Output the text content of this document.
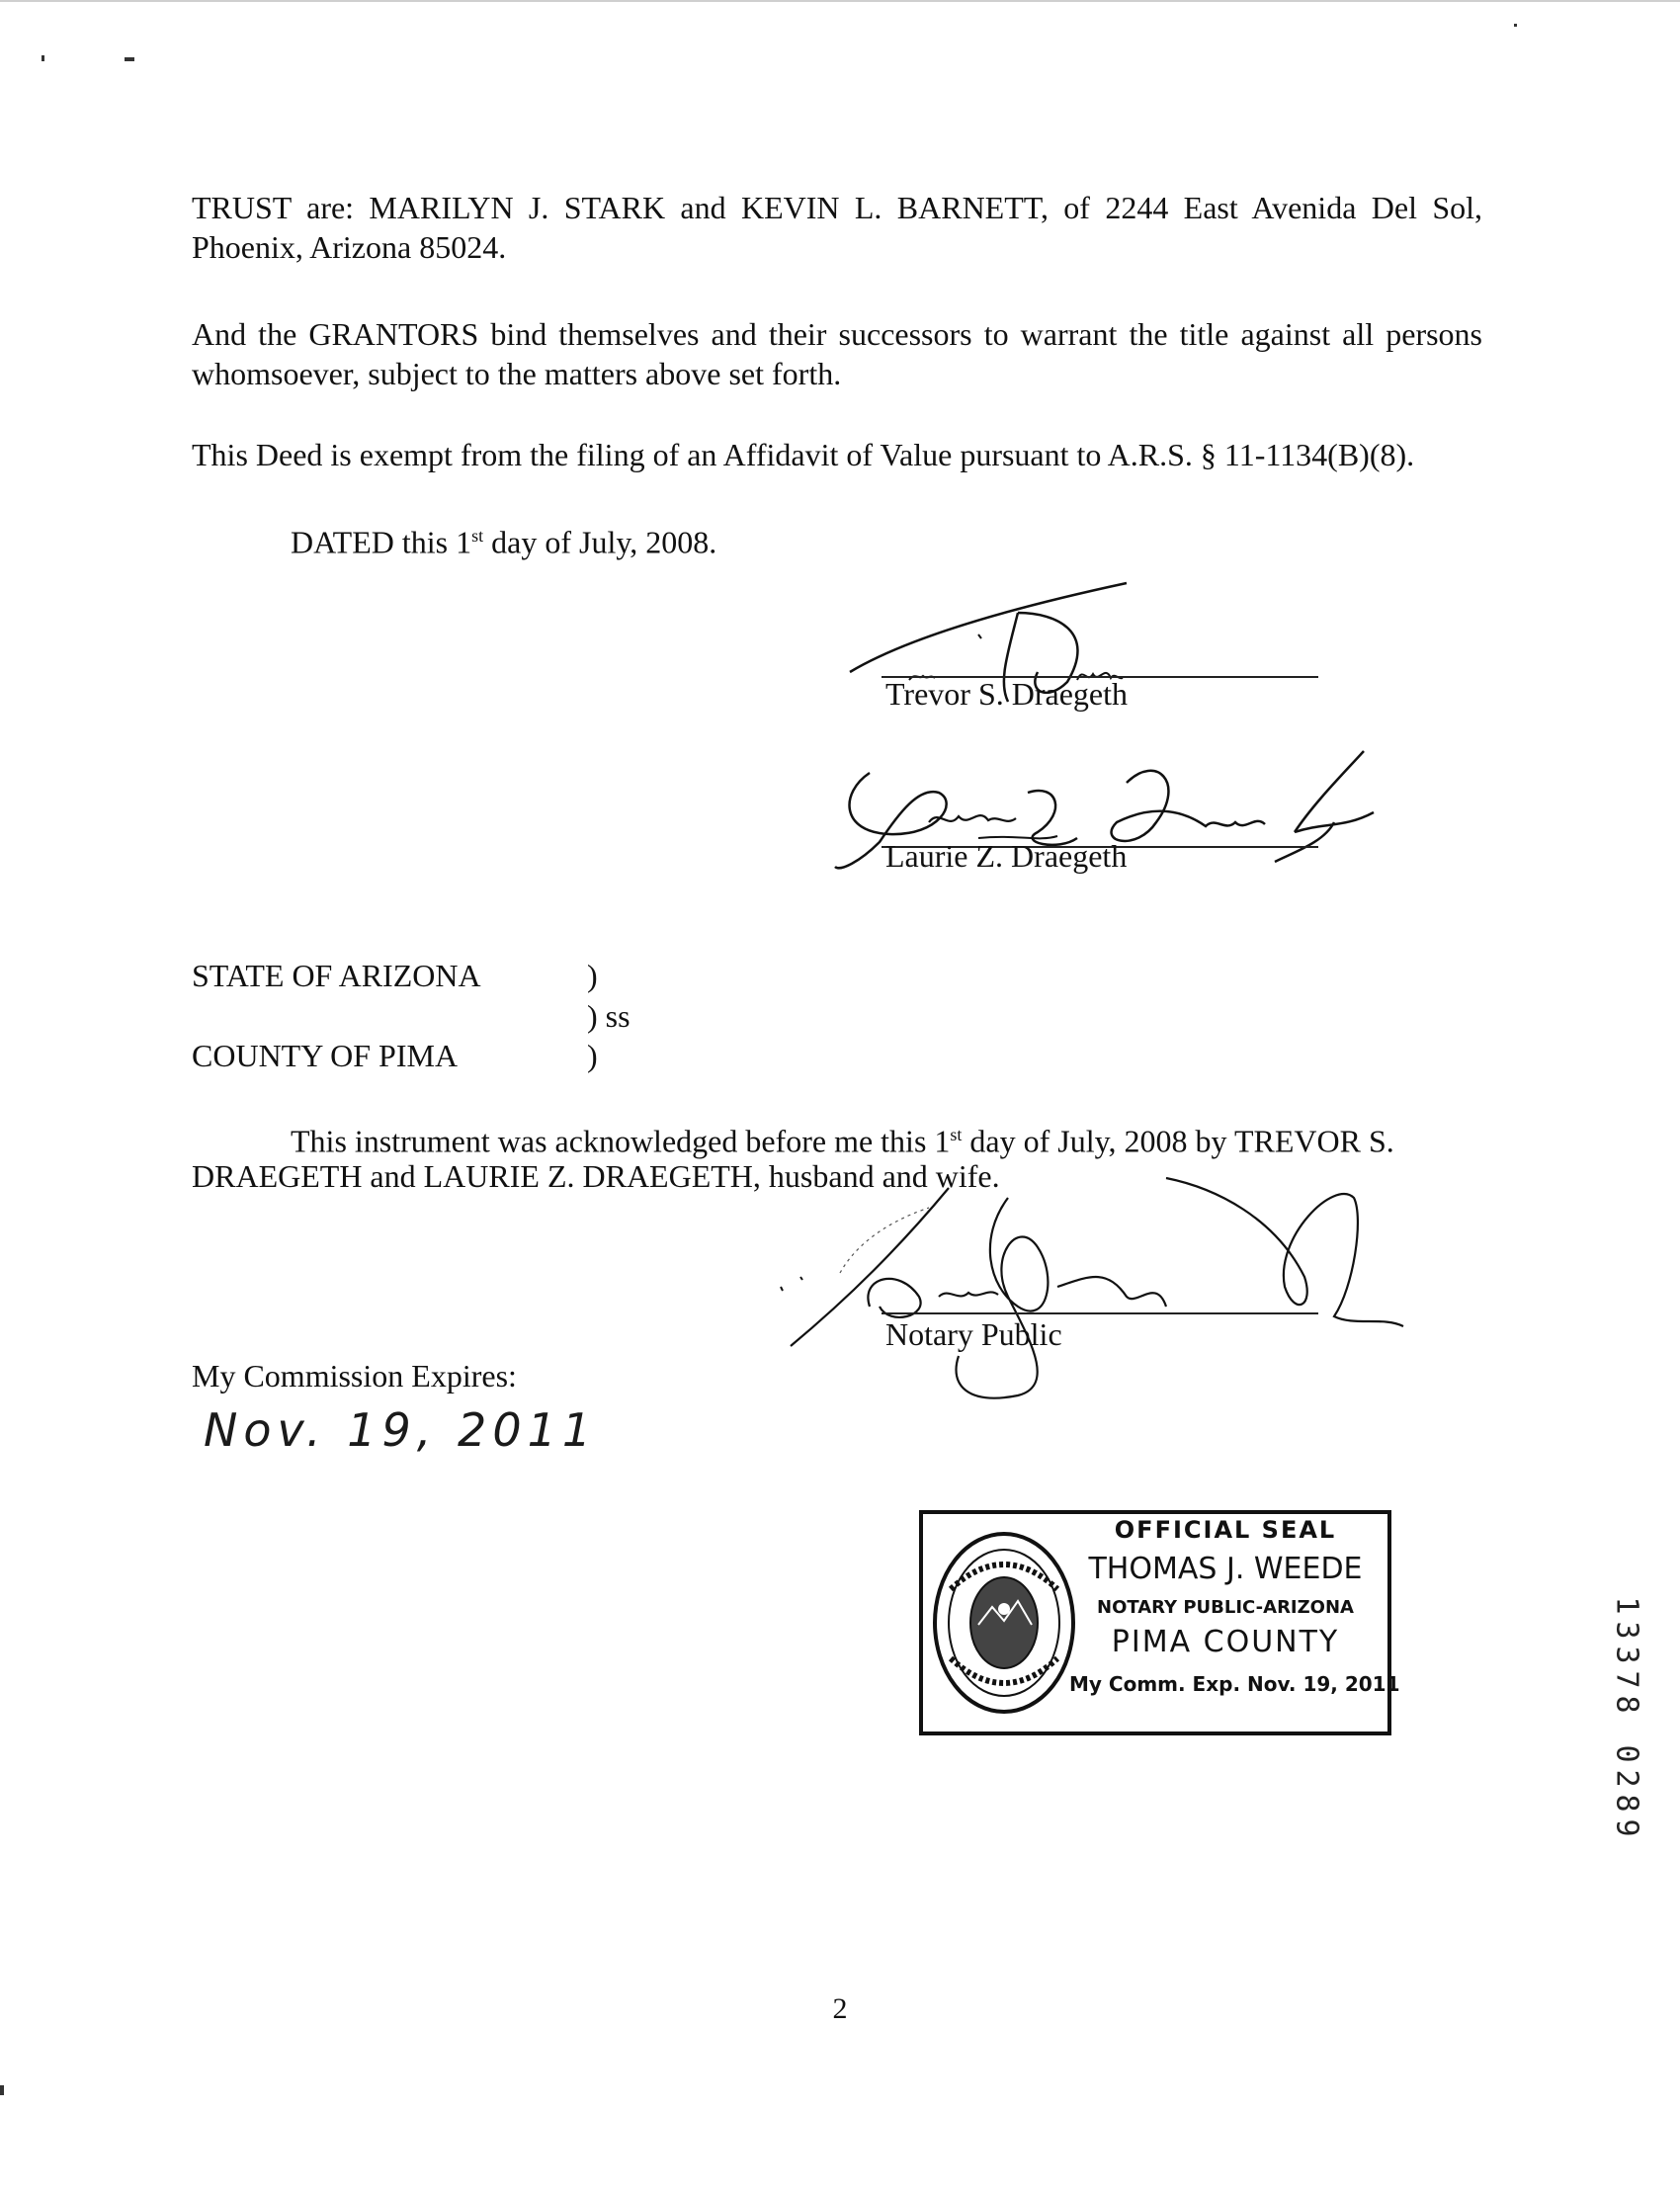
TRUST are: MARILYN J. STARK and KEVIN L. BARNETT, of 2244 East Avenida Del Sol, Phoenix, Arizona 85024.
And the GRANTORS bind themselves and their successors to warrant the title against all persons whomsoever, subject to the matters above set forth.
This Deed is exempt from the filing of an Affidavit of Value pursuant to A.R.S. § 11-1134(B)(8).
DATED this 1st day of July, 2008.
Trevor S. Draegeth
Laurie Z. Draegeth
STATE OF ARIZONA	)
) ss
COUNTY OF PIMA	)
This instrument was acknowledged before me this 1st day of July, 2008 by TREVOR S.
DRAEGETH and LAURIE Z. DRAEGETH, husband and wife.
Notary Public
My Commission Expires:
Nov. 19, 2011
OFFICIAL SEAL
THOMAS J. WEEDE
NOTARY PUBLIC-ARIZONA
PIMA COUNTY
My Comm. Exp. Nov. 19, 2011
1
3
3
7
8

0
2
8
9
2
